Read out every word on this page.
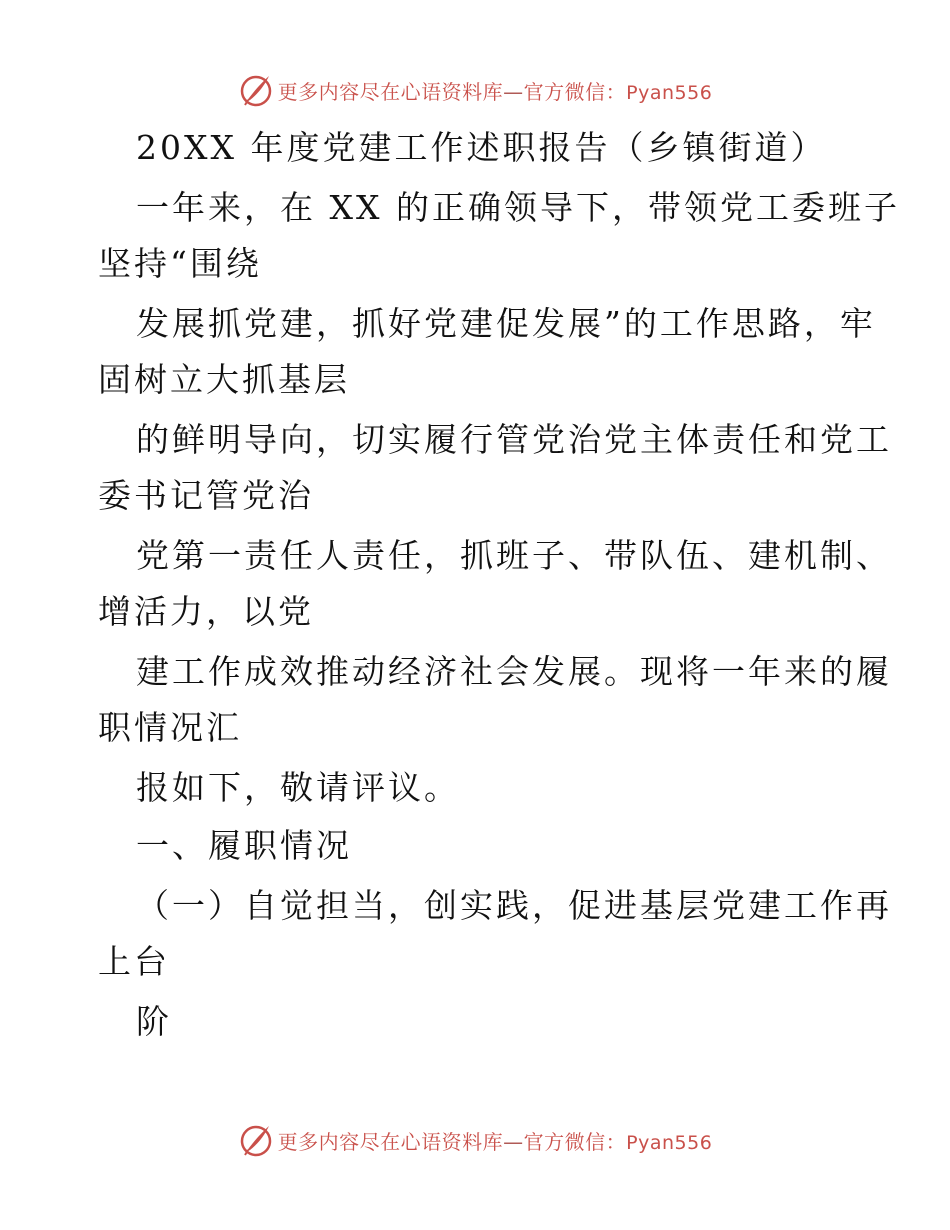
更多内容尽在心语资料库—官方微信：Pyan556
20XX 年度党建工作述职报告（乡镇街道）
一年来，在 XX 的正确领导下，带领党工委班子
坚持“围绕
发展抓党建，抓好党建促发展”的工作思路，牢
固树立大抓基层
的鲜明导向，切实履行管党治党主体责任和党工
委书记管党治
党第一责任人责任，抓班子、带队伍、建机制、
增活力，以党
建工作成效推动经济社会发展。现将一年来的履
职情况汇
报如下，敬请评议。
一、履职情况
（一）自觉担当，创实践，促进基层党建工作再
上台
阶
更多内容尽在心语资料库—官方微信：Pyan556
